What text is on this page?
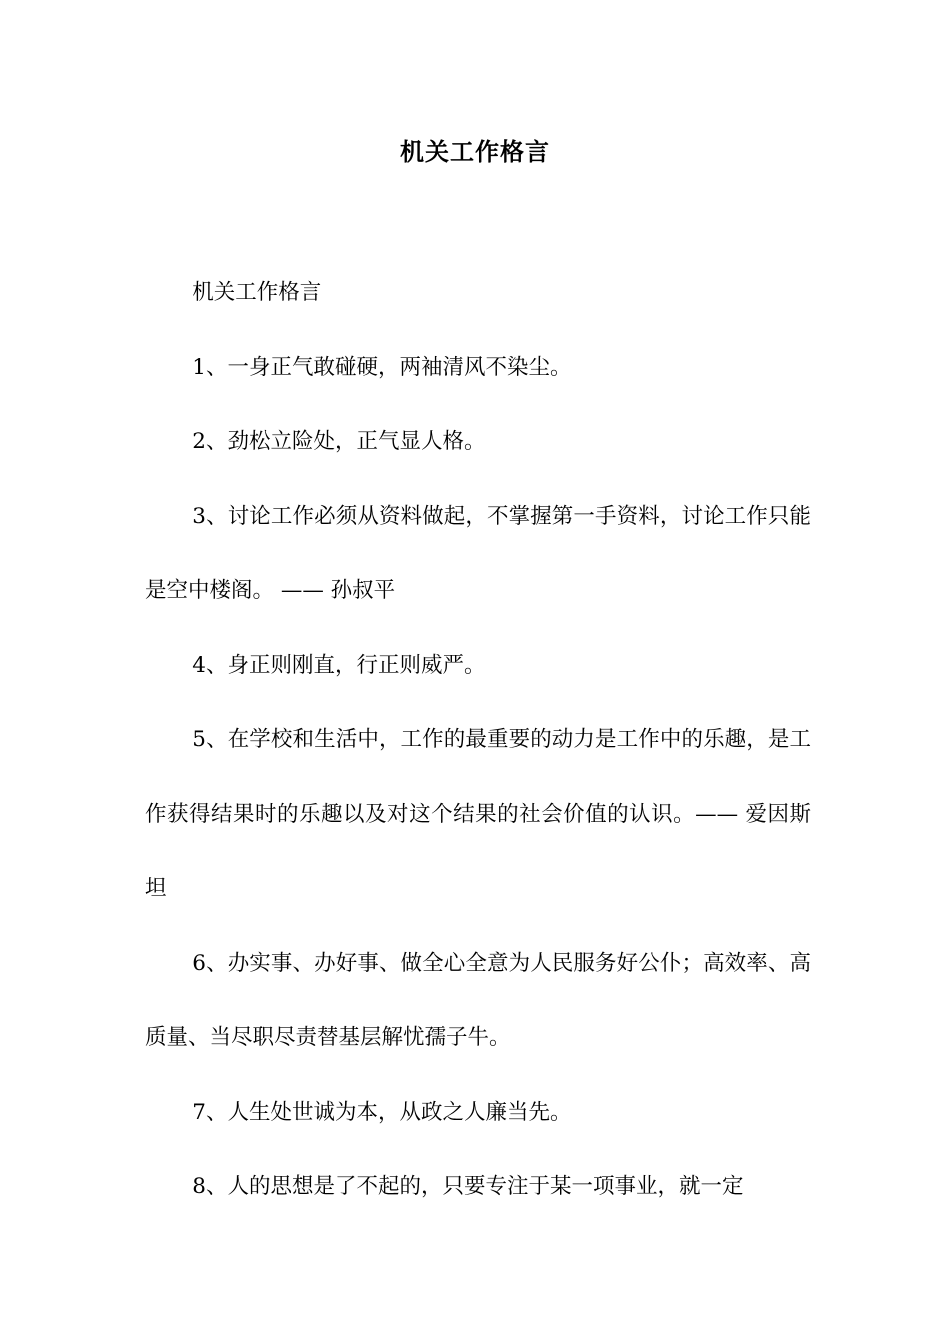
机关工作格言

机关工作格言

1、一身正气敢碰硬，两袖清风不染尘。

2、劲松立险处，正气显人格。

3、讨论工作必须从资料做起，不掌握第一手资料，讨论工作只能是空中楼阁。 —— 孙叔平

4、身正则刚直，行正则威严。

5、在学校和生活中，工作的最重要的动力是工作中的乐趣，是工作获得结果时的乐趣以及对这个结果的社会价值的认识。—— 爱因斯坦

6、办实事、办好事、做全心全意为人民服务好公仆；高效率、高质量、当尽职尽责替基层解忧孺子牛。

7、人生处世诚为本，从政之人廉当先。

8、人的思想是了不起的，只要专注于某一项事业，就一定
